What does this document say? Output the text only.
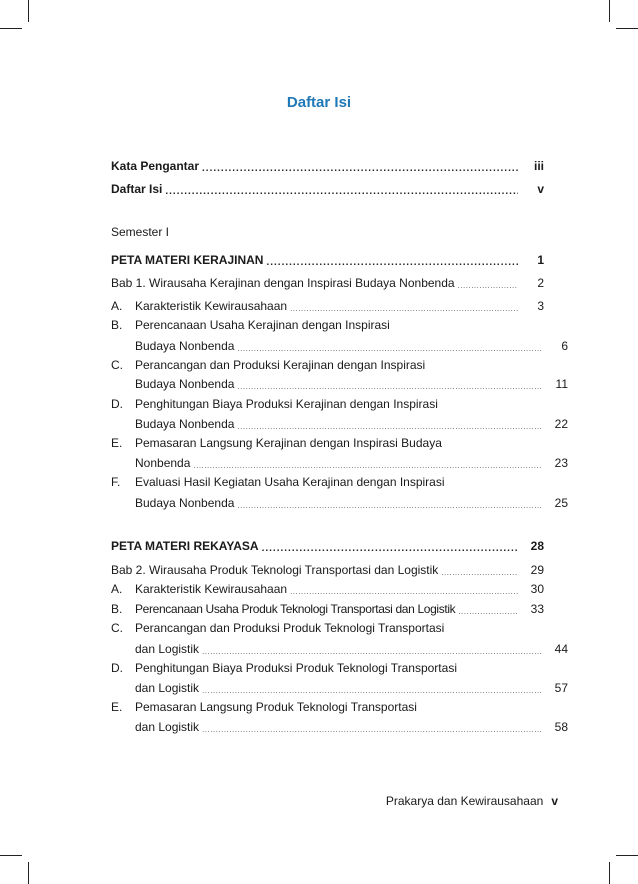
Daftar Isi
Kata Pengantar .....	iii
Daftar Isi .....	v
Semester I
PETA MATERI KERAJINAN .....	1
Bab 1. Wirausaha Kerajinan dengan Inspirasi Budaya Nonbenda .....	2
A.	Karakteristik Kewirausahaan .....	3
B.	Perencanaan Usaha Kerajinan dengan Inspirasi
Budaya Nonbenda .....	6
C.	Perancangan dan Produksi Kerajinan dengan Inspirasi
Budaya Nonbenda .....	11
D.	Penghitungan Biaya Produksi Kerajinan dengan Inspirasi
Budaya Nonbenda .....	22
E.	Pemasaran Langsung Kerajinan dengan Inspirasi Budaya
Nonbenda .....	23
F.	Evaluasi Hasil Kegiatan Usaha Kerajinan dengan Inspirasi
Budaya Nonbenda .....	25
PETA MATERI REKAYASA .....	28
Bab 2. Wirausaha Produk Teknologi Transportasi dan Logistik .....	29
A.	Karakteristik Kewirausahaan .....	30
B.	Perencanaan Usaha Produk Teknologi Transportasi dan Logistik .....	33
C.	Perancangan dan Produksi Produk Teknologi Transportasi
dan Logistik .....	44
D.	Penghitungan Biaya Produksi Produk Teknologi Transportasi
dan Logistik .....	57
E.	Pemasaran Langsung Produk Teknologi Transportasi
dan Logistik .....	58
Prakarya dan Kewirausahaan v
